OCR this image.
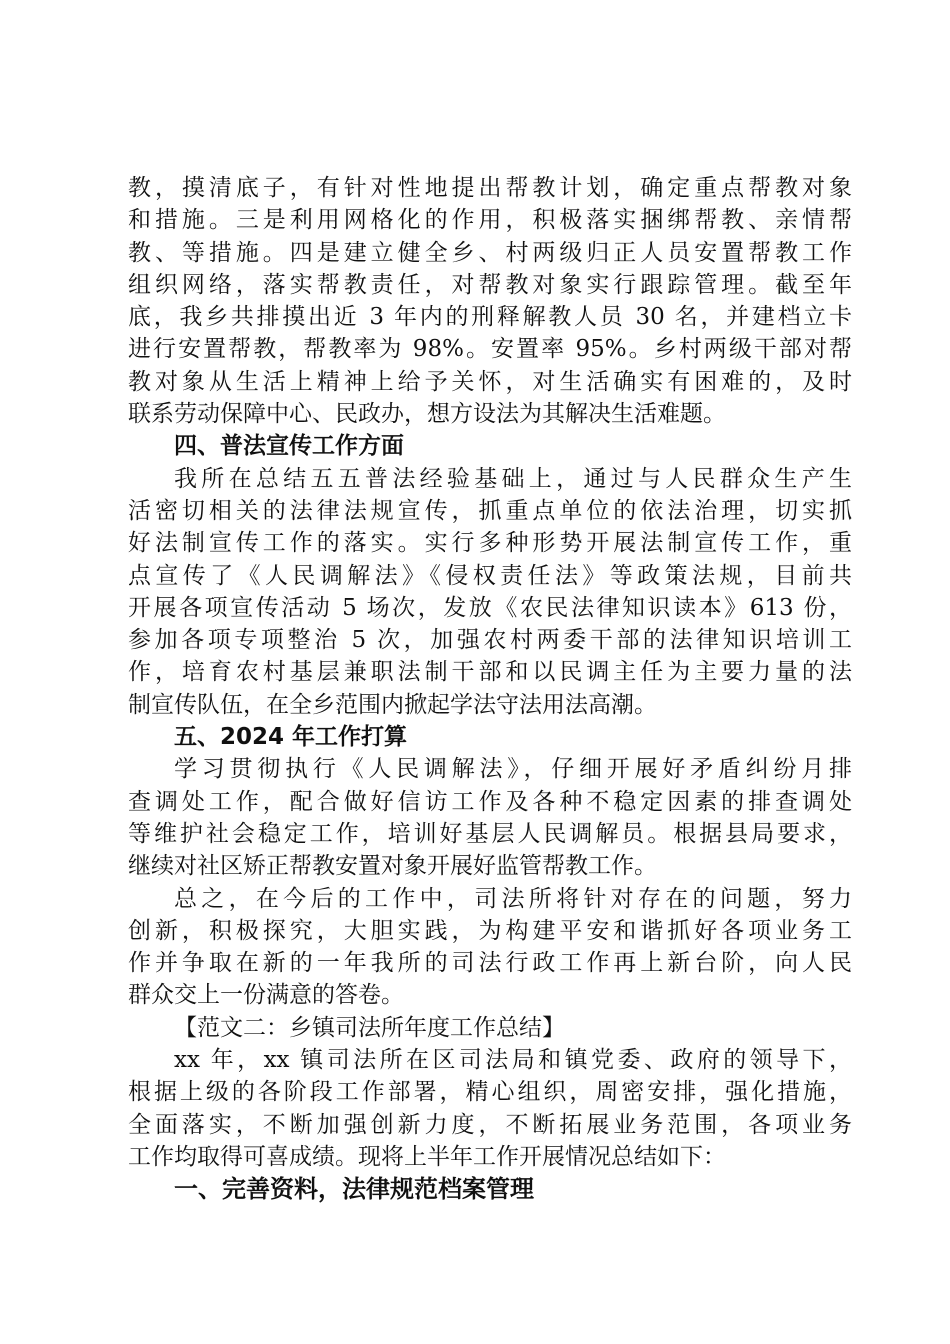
教，摸清底子，有针对性地提出帮教计划，确定重点帮教对象
和措施。三是利用网格化的作用，积极落实捆绑帮教、亲情帮
教、等措施。四是建立健全乡、村两级归正人员安置帮教工作
组织网络，落实帮教责任，对帮教对象实行跟踪管理。截至年
底，我乡共排摸出近 3 年内的刑释解教人员 30 名，并建档立卡
进行安置帮教，帮教率为 98%。安置率 95%。乡村两级干部对帮
教对象从生活上精神上给予关怀，对生活确实有困难的，及时
联系劳动保障中心、民政办，想方设法为其解决生活难题。
四、普法宣传工作方面
我所在总结五五普法经验基础上，通过与人民群众生产生
活密切相关的法律法规宣传，抓重点单位的依法治理，切实抓
好法制宣传工作的落实。实行多种形势开展法制宣传工作，重
点宣传了《人民调解法》《侵权责任法》等政策法规，目前共
开展各项宣传活动 5 场次，发放《农民法律知识读本》613 份，
参加各项专项整治 5 次，加强农村两委干部的法律知识培训工
作，培育农村基层兼职法制干部和以民调主任为主要力量的法
制宣传队伍，在全乡范围内掀起学法守法用法高潮。
五、2024 年工作打算
学习贯彻执行《人民调解法》，仔细开展好矛盾纠纷月排
查调处工作，配合做好信访工作及各种不稳定因素的排查调处
等维护社会稳定工作，培训好基层人民调解员。根据县局要求，
继续对社区矫正帮教安置对象开展好监管帮教工作。
总之，在今后的工作中，司法所将针对存在的问题，努力
创新，积极探究，大胆实践，为构建平安和谐抓好各项业务工
作并争取在新的一年我所的司法行政工作再上新台阶，向人民
群众交上一份满意的答卷。
【范文二：乡镇司法所年度工作总结】
xx 年，xx 镇司法所在区司法局和镇党委、政府的领导下，
根据上级的各阶段工作部署，精心组织，周密安排，强化措施，
全面落实，不断加强创新力度，不断拓展业务范围，各项业务
工作均取得可喜成绩。现将上半年工作开展情况总结如下：
一、完善资料，法律规范档案管理
